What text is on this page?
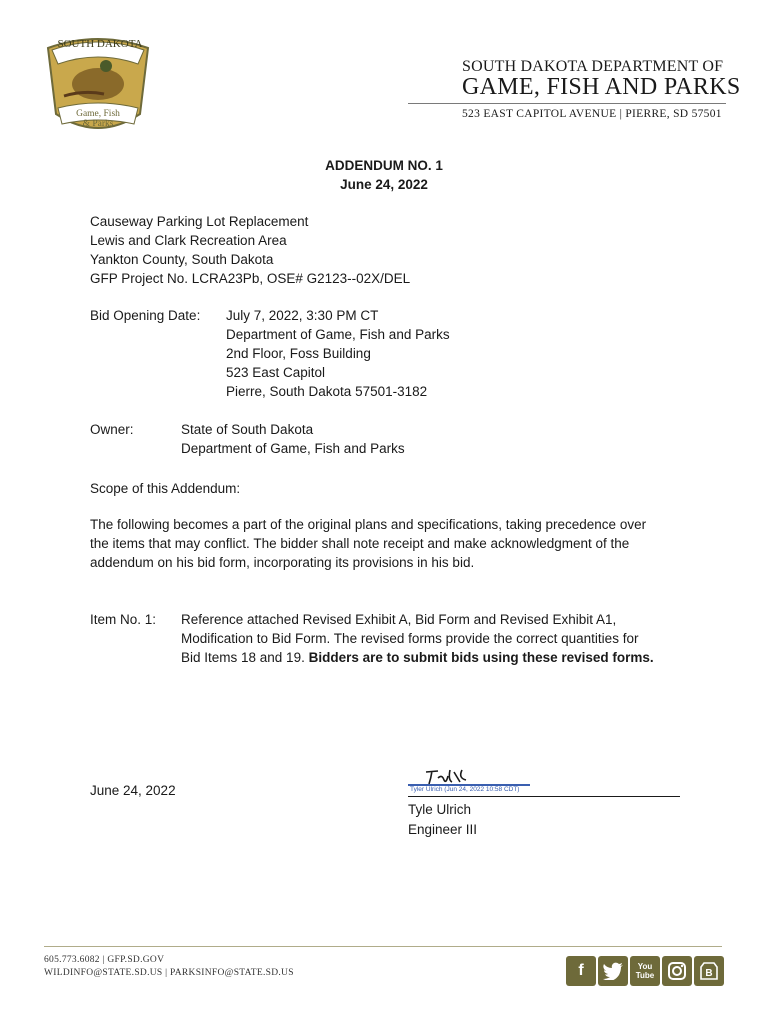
SOUTH DAKOTA
Game, Fish
& Parks
SOUTH DAKOTA DEPARTMENT OF
GAME, FISH AND PARKS
523 EAST CAPITOL AVENUE | PIERRE, SD 57501
ADDENDUM NO. 1
June 24, 2022
Causeway Parking Lot Replacement
Lewis and Clark Recreation Area
Yankton County, South Dakota
GFP Project No. LCRA23Pb, OSE# G2123--02X/DEL
Bid Opening Date: July 7, 2022, 3:30 PM CT
Department of Game, Fish and Parks
2nd Floor, Foss Building
523 East Capitol
Pierre, South Dakota 57501-3182
Owner:	State of South Dakota
Department of Game, Fish and Parks
Scope of this Addendum:
The following becomes a part of the original plans and specifications, taking precedence over
the items that may conflict. The bidder shall note receipt and make acknowledgment of the
addendum on his bid form, incorporating its provisions in his bid.
Item No. 1: Reference attached Revised Exhibit A, Bid Form and Revised Exhibit A1,
Modification to Bid Form. The revised forms provide the correct quantities for
Bid Items 18 and 19. Bidders are to submit bids using these revised forms.
June 24, 2022	Tyler Ulrich (Jun 24, 2022 10:58 CDT)
Tyle Ulrich
Engineer III
605.773.6082 | GFP.SD.GOV
WILDINFO@STATE.SD.US | PARKSINFO@STATE.SD.US	f	You
Tube	B
